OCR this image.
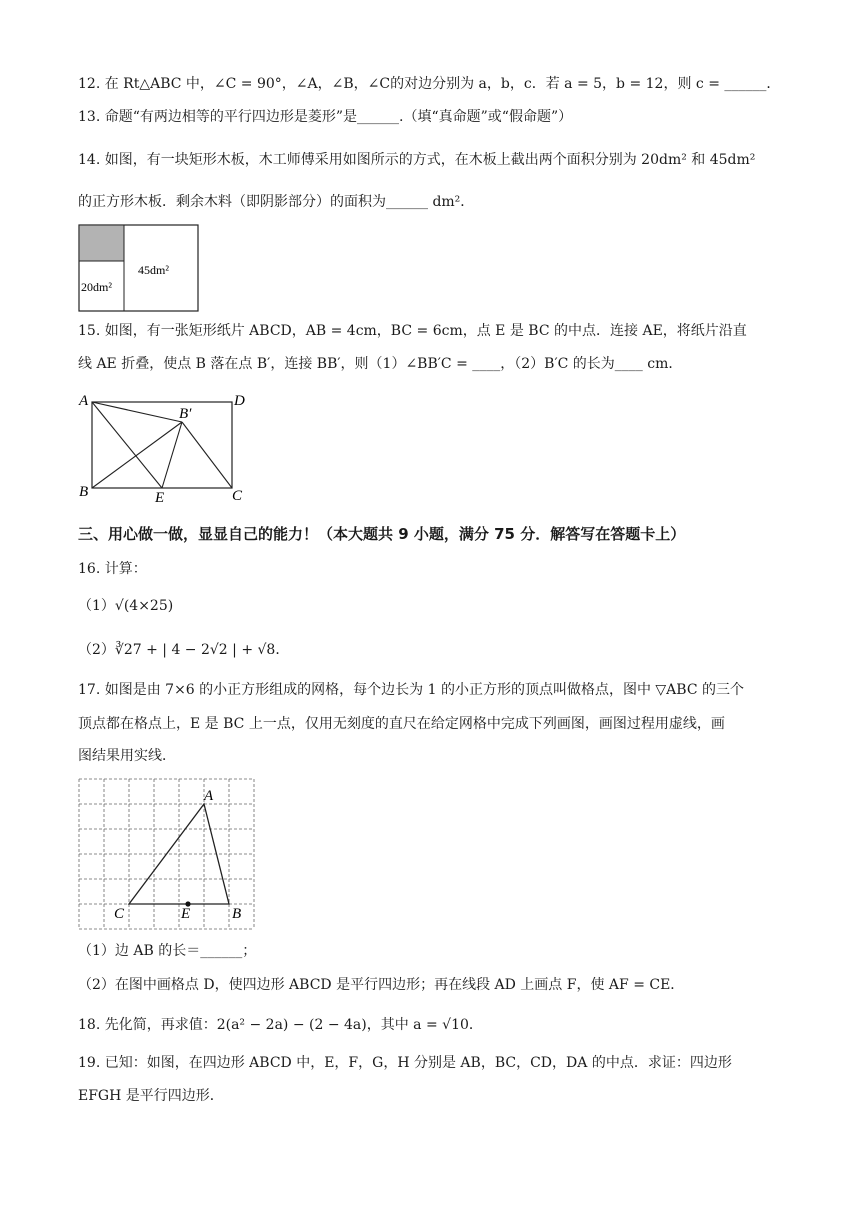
12. 在 Rt△ABC 中，∠C = 90°，∠A，∠B，∠C的对边分别为 a，b，c．若 a = 5，b = 12，则 c = ______．
13. 命题“有两边相等的平行四边形是菱形”是______.（填“真命题”或“假命题”）
14. 如图，有一块矩形木板，木工师傅采用如图所示的方式，在木板上截出两个面积分别为 20dm² 和 45dm²
的正方形木板．剩余木料（即阴影部分）的面积为______ dm²．
20dm²
45dm²
15. 如图，有一张矩形纸片 ABCD，AB = 4cm，BC = 6cm，点 E 是 BC 的中点．连接 AE，将纸片沿直
线 AE 折叠，使点 B 落在点 B′，连接 BB′，则（1）∠BB′C = ____，（2）B′C 的长为____ cm．
A	D
B	C
E
B′
三、用心做一做，显显自己的能力！（本大题共 9 小题，满分 75 分．解答写在答题卡上）
16. 计算：
（1）√(4×25)
（2）∛27 + | 4 − 2√2 | + √8．
17. 如图是由 7×6 的小正方形组成的网格，每个边长为 1 的小正方形的顶点叫做格点，图中 ▽ABC 的三个
顶点都在格点上，E 是 BC 上一点，仅用无刻度的直尺在给定网格中完成下列画图，画图过程用虚线，画
图结果用实线．
A
B
C	E
（1）边 AB 的长＝______；
（2）在图中画格点 D，使四边形 ABCD 是平行四边形；再在线段 AD 上画点 F，使 AF = CE．
18. 先化简，再求值：2(a² − 2a) − (2 − 4a)，其中 a = √10．
19. 已知：如图，在四边形 ABCD 中，E，F，G，H 分别是 AB，BC，CD，DA 的中点．求证：四边形
EFGH 是平行四边形．
